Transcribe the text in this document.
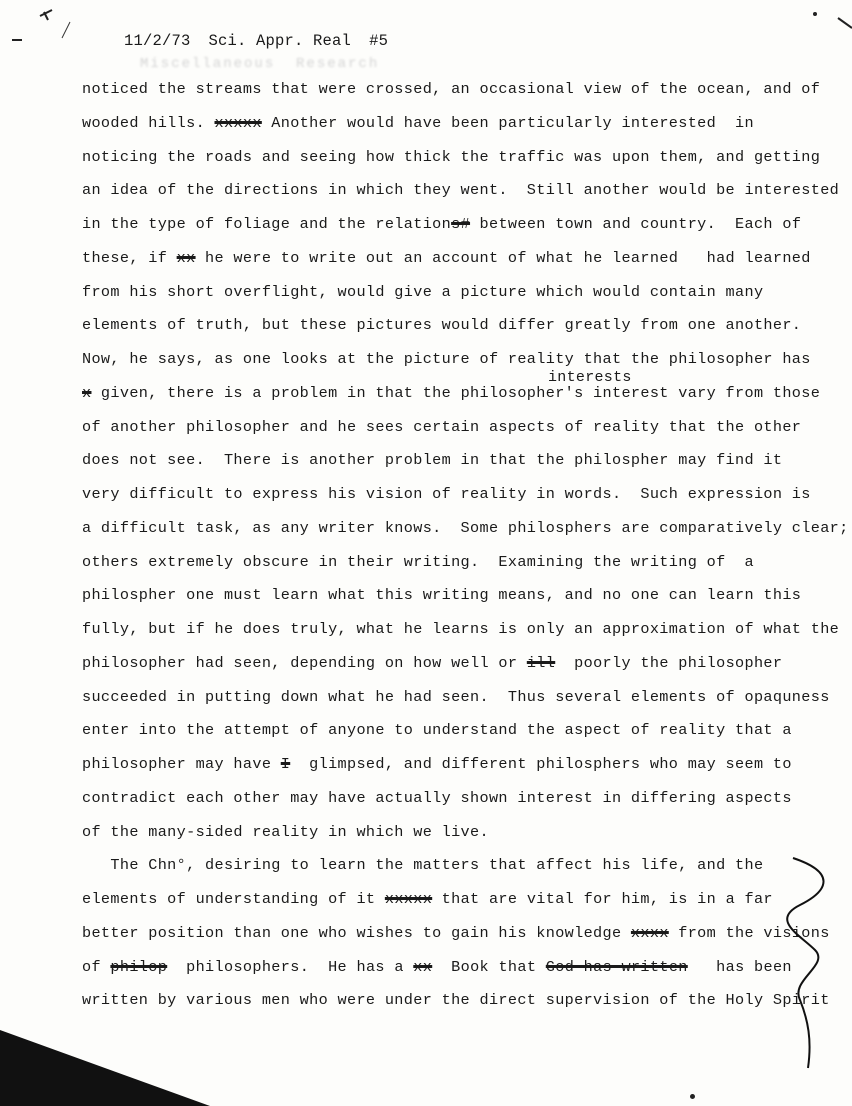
11/2/73 Sci. Appr. Real #5

Miscellaneous  Research
interests
noticed the streams that were crossed, an occasional view of the ocean, and of
wooded hills. xxxxx Another would have been particularly interested  in
noticing the roads and seeing how thick the traffic was upon them, and getting
an idea of the directions in which they went.  Still another would be interested
in the type of foliage and the relations# between town and country.  Each of
these, if xx he were to write out an account of what he learned   had learned
from his short overflight, would give a picture which would contain many
elements of truth, but these pictures would differ greatly from one another.
Now, he says, as one looks at the picture of reality that the philosopher has
x given, there is a problem in that the philosopher's interest vary from those
of another philosopher and he sees certain aspects of reality that the other
does not see.  There is another problem in that the philospher may find it
very difficult to express his vision of reality in words.  Such expression is
a difficult task, as any writer knows.  Some philosphers are comparatively clear;
others extremely obscure in their writing.  Examining the writing of  a
philospher one must learn what this writing means, and no one can learn this
fully, but if he does truly, what he learns is only an approximation of what the
philosopher had seen, depending on how well or ill  poorly the philosopher
succeeded in putting down what he had seen.  Thus several elements of opaquness
enter into the attempt of anyone to understand the aspect of reality that a
philosopher may have I  glimpsed, and different philosphers who may seem to
contradict each other may have actually shown interest in differing aspects
of the many-sided reality in which we live.
The Chn°, desiring to learn the matters that affect his life, and the
elements of understanding of it xxxxx that are vital for him, is in a far
better position than one who wishes to gain his knowledge xxxx from the visions
of philop  philosophers.  He has a xx  Book that God has written   has been
written by various men who were under the direct supervision of the Holy Spirit
